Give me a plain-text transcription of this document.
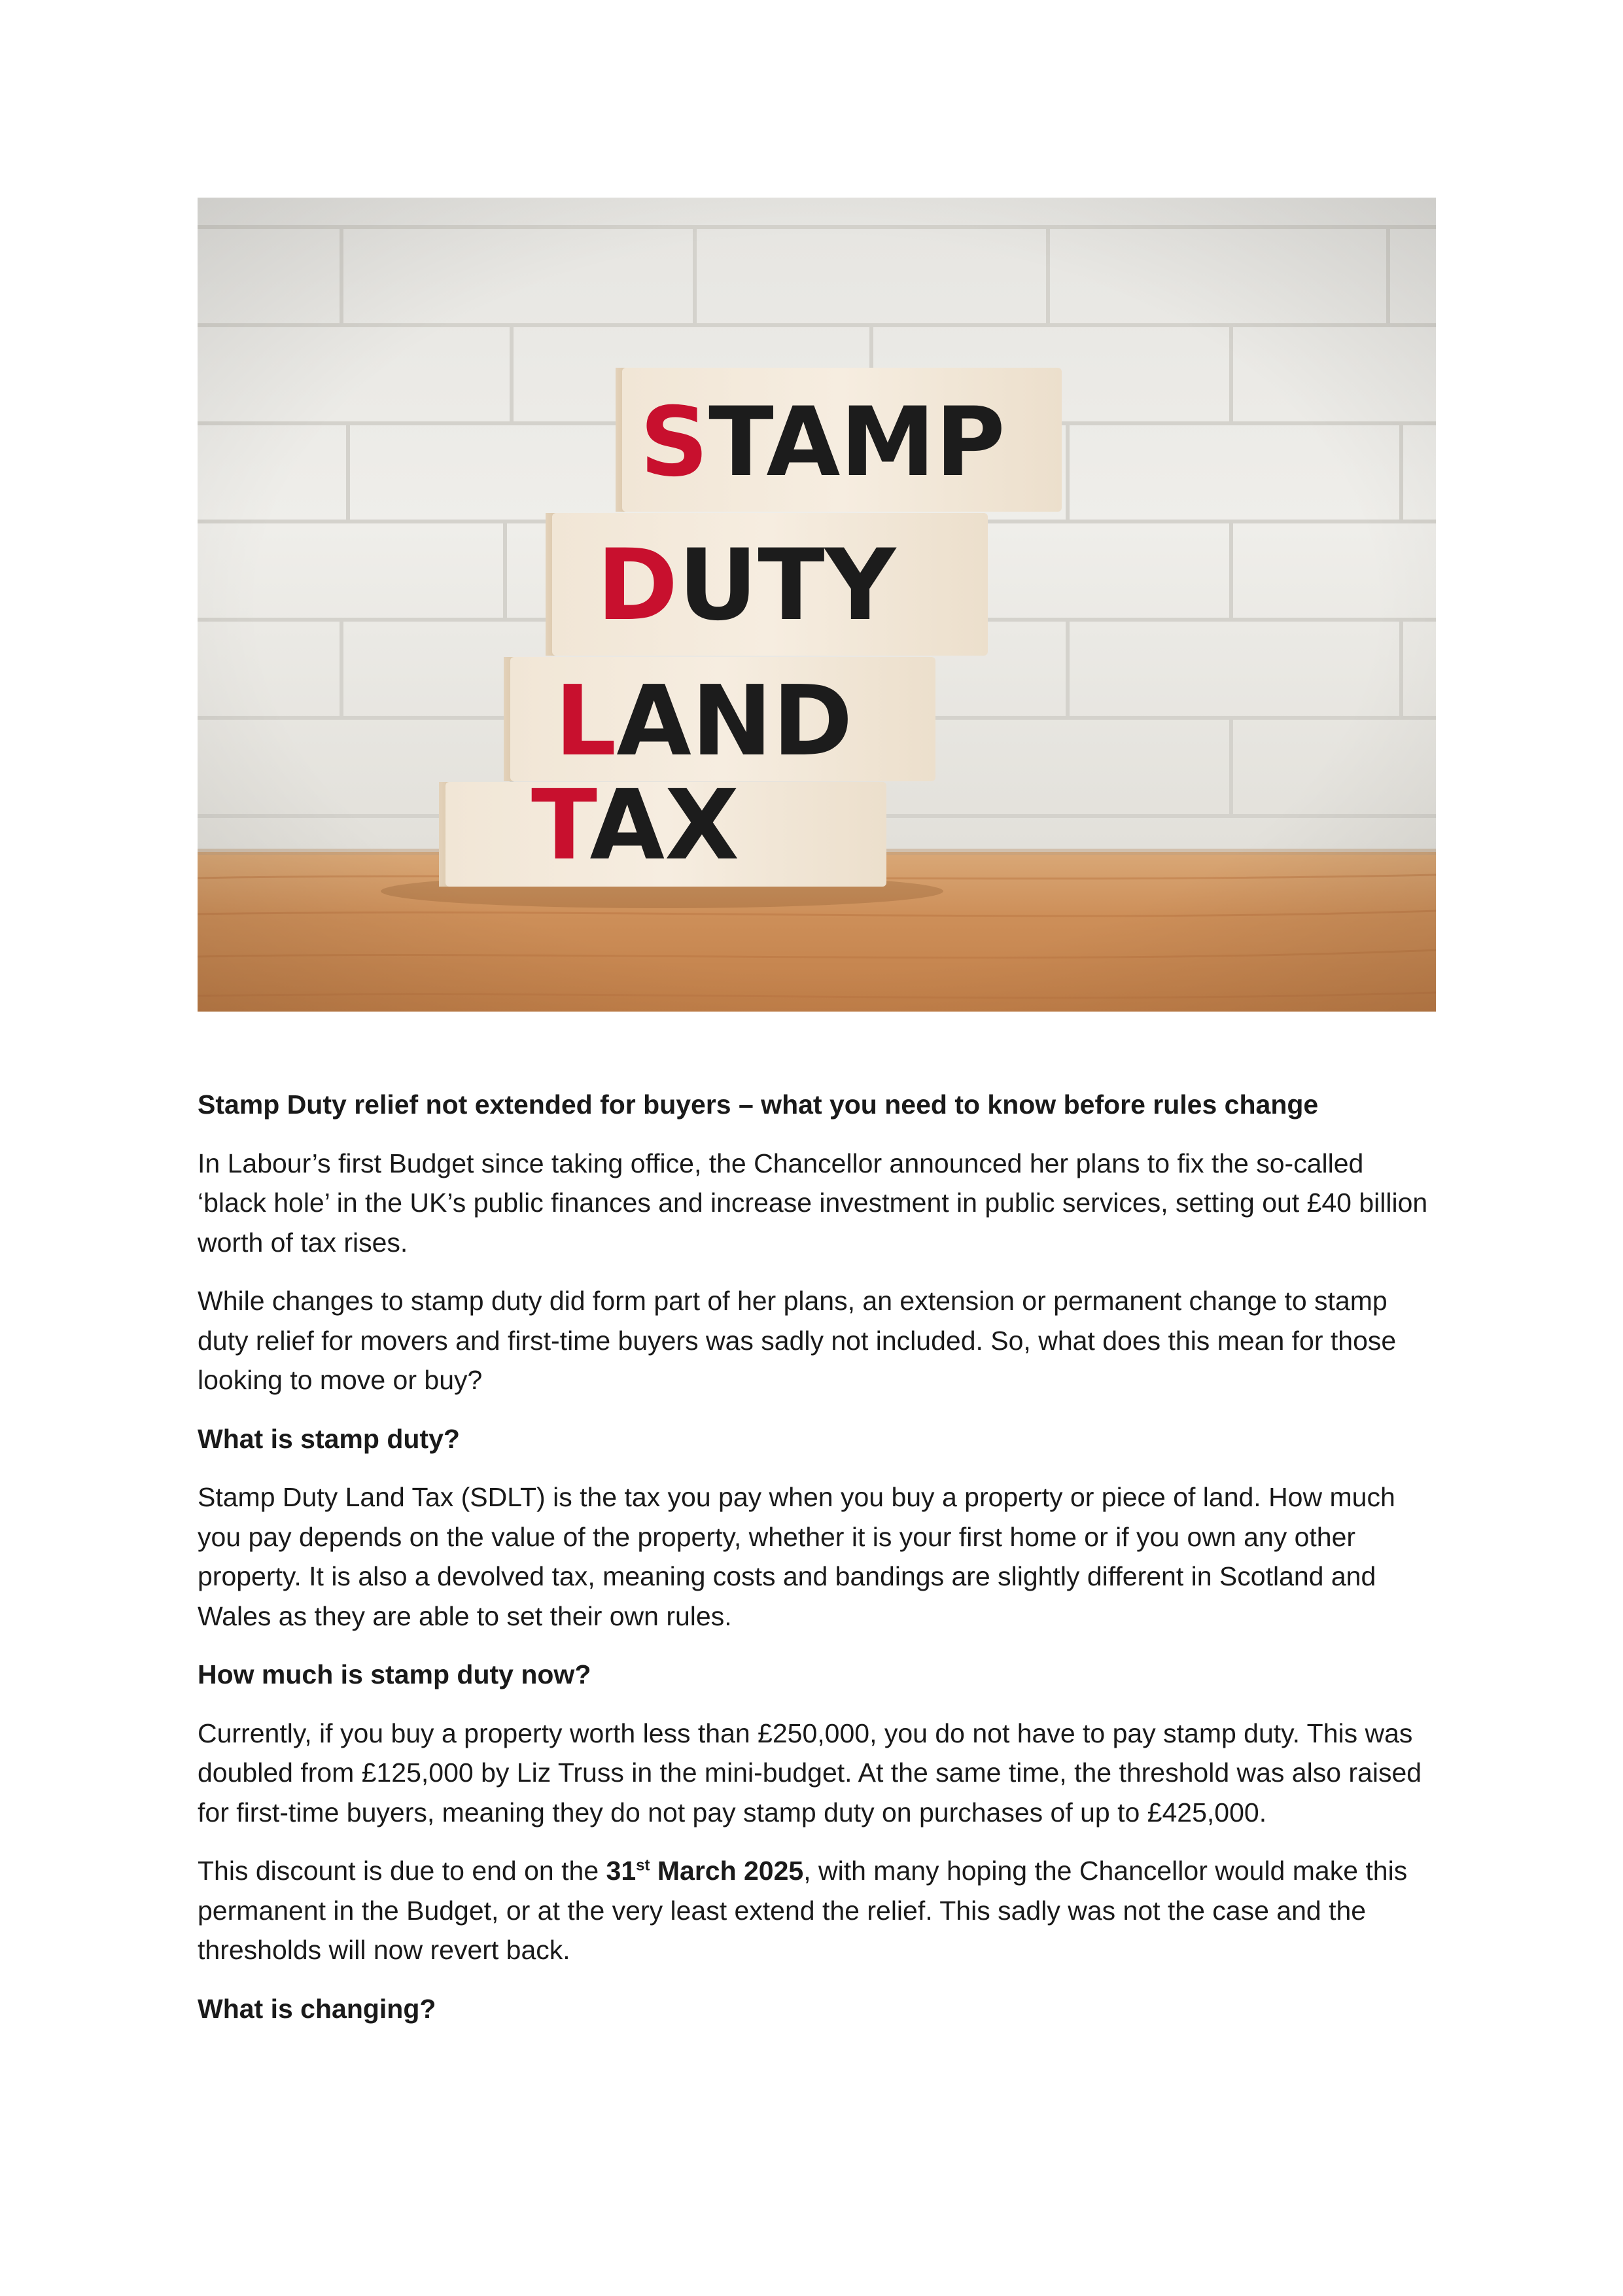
Stamp Duty relief not extended for buyers – what you need to know before rules change

In Labour’s first Budget since taking office, the Chancellor announced her plans to fix the so-called ‘black hole’ in the UK’s public finances and increase investment in public services, setting out £40 billion worth of tax rises.

While changes to stamp duty did form part of her plans, an extension or permanent change to stamp duty relief for movers and first-time buyers was sadly not included. So, what does this mean for those looking to move or buy?

What is stamp duty?

Stamp Duty Land Tax (SDLT) is the tax you pay when you buy a property or piece of land. How much you pay depends on the value of the property, whether it is your first home or if you own any other property. It is also a devolved tax, meaning costs and bandings are slightly different in Scotland and Wales as they are able to set their own rules.

How much is stamp duty now?

Currently, if you buy a property worth less than £250,000, you do not have to pay stamp duty. This was doubled from £125,000 by Liz Truss in the mini-budget. At the same time, the threshold was also raised for first-time buyers, meaning they do not pay stamp duty on purchases of up to £425,000.

This discount is due to end on the 31st March 2025, with many hoping the Chancellor would make this permanent in the Budget, or at the very least extend the relief. This sadly was not the case and the thresholds will now revert back.

What is changing?
